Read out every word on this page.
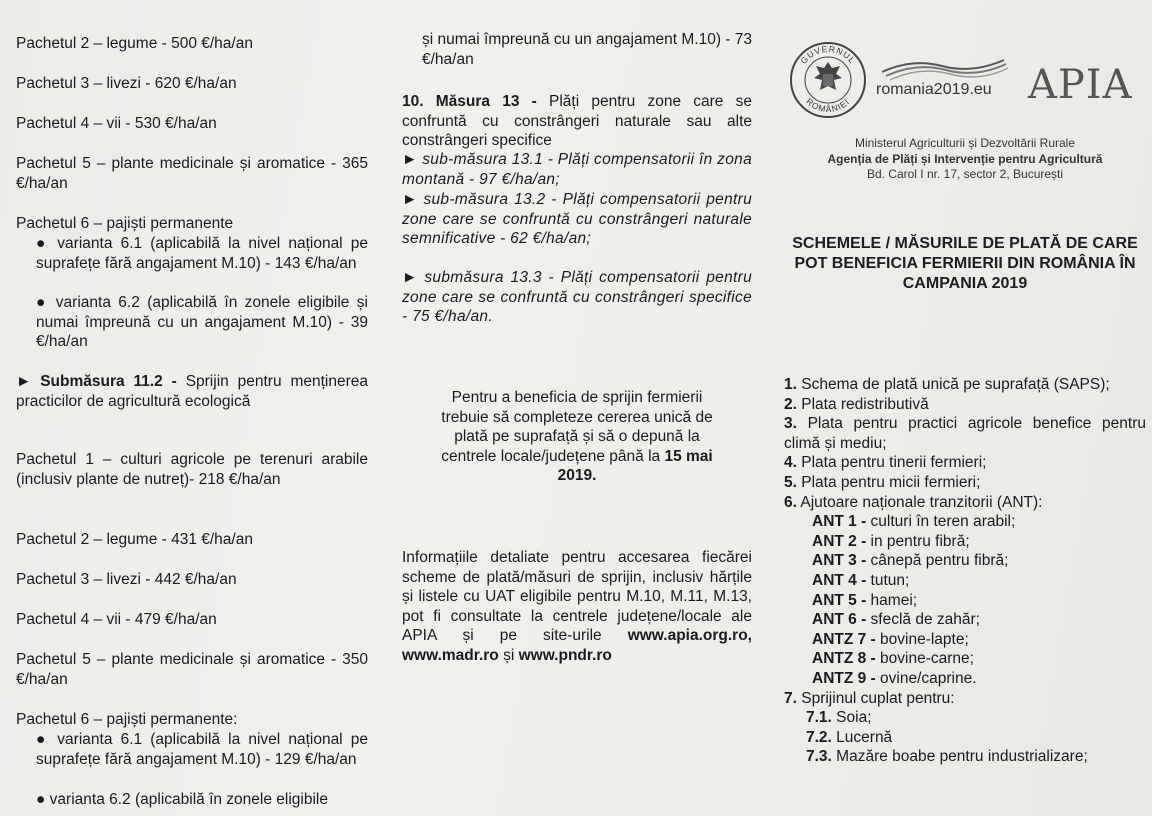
Pachetul 2 – legume - 500 €/ha/an

Pachetul 3 – livezi - 620 €/ha/an

Pachetul 4 – vii - 530 €/ha/an

Pachetul 5 – plante medicinale și aromatice - 365 €/ha/an

Pachetul 6 – pajiști permanente

● varianta 6.1 (aplicabilă la nivel național pe suprafețe fără angajament M.10) - 143 €/ha/an

● varianta 6.2 (aplicabilă în zonele eligibile și numai împreună cu un angajament M.10) - 39 €/ha/an

► Submăsura 11.2 - Sprijin pentru menținerea practicilor de agricultură ecologică

Pachetul 1 – culturi agricole pe terenuri arabile (inclusiv plante de nutreț)- 218 €/ha/an

Pachetul 2 – legume - 431 €/ha/an

Pachetul 3 – livezi - 442 €/ha/an

Pachetul 4 – vii - 479 €/ha/an

Pachetul 5 – plante medicinale și aromatice - 350 €/ha/an

Pachetul 6 – pajiști permanente:

● varianta 6.1 (aplicabilă la nivel național pe suprafețe fără angajament M.10) - 129 €/ha/an

● varianta 6.2 (aplicabilă în zonele eligibile

și numai împreună cu un angajament M.10) - 73 €/ha/an

10. Măsura 13 - Plăți pentru zone care se confruntă cu constrângeri naturale sau alte constrângeri specifice

► sub-măsura 13.1 - Plăți compensatorii în zona montană - 97 €/ha/an;

► sub-măsura 13.2 - Plăți compensatorii pentru zone care se confruntă cu constrângeri naturale semnificative - 62 €/ha/an;

► submăsura 13.3 - Plăți compensatorii pentru zone care se confruntă cu constrângeri specifice - 75 €/ha/an.

Pentru a beneficia de sprijin fermierii trebuie să completeze cererea unică de plată pe suprafață și să o depună la centrele locale/județene până la 15 mai 2019.

Informațiile detaliate pentru accesarea fiecărei scheme de plată/măsuri de sprijin, inclusiv hărțile și listele cu UAT eligibile pentru M.10, M.11, M.13, pot fi consultate la centrele județene/locale ale APIA și pe site-urile www.apia.org.ro, www.madr.ro și www.pndr.ro

GUVERNUL
ROMÂNIEI
romania2019.eu APIA
Ministerul Agriculturii și Dezvoltării Rurale
Agenția de Plăți și Intervenție pentru Agricultură
Bd. Carol I nr. 17, sector 2, București
SCHEMELE / MĂSURILE DE PLATĂ DE CARE POT BENEFICIA FERMIERII DIN ROMÂNIA ÎN CAMPANIA 2019

1. Schema de plată unică pe suprafață (SAPS);

2. Plata redistributivă

3. Plata pentru practici agricole benefice pentru climă și mediu;

4. Plata pentru tinerii fermieri;

5. Plata pentru micii fermieri;

6. Ajutoare naționale tranzitorii (ANT):

ANT 1 - culturi în teren arabil;

ANT 2 - in pentru fibră;

ANT 3 - cânepă pentru fibră;

ANT 4 - tutun;

ANT 5 - hamei;

ANT 6 - sfeclă de zahăr;

ANTZ 7 - bovine-lapte;

ANTZ 8 - bovine-carne;

ANTZ 9 - ovine/caprine.

7. Sprijinul cuplat pentru:

7.1. Soia;

7.2. Lucernă

7.3. Mazăre boabe pentru industrializare;
